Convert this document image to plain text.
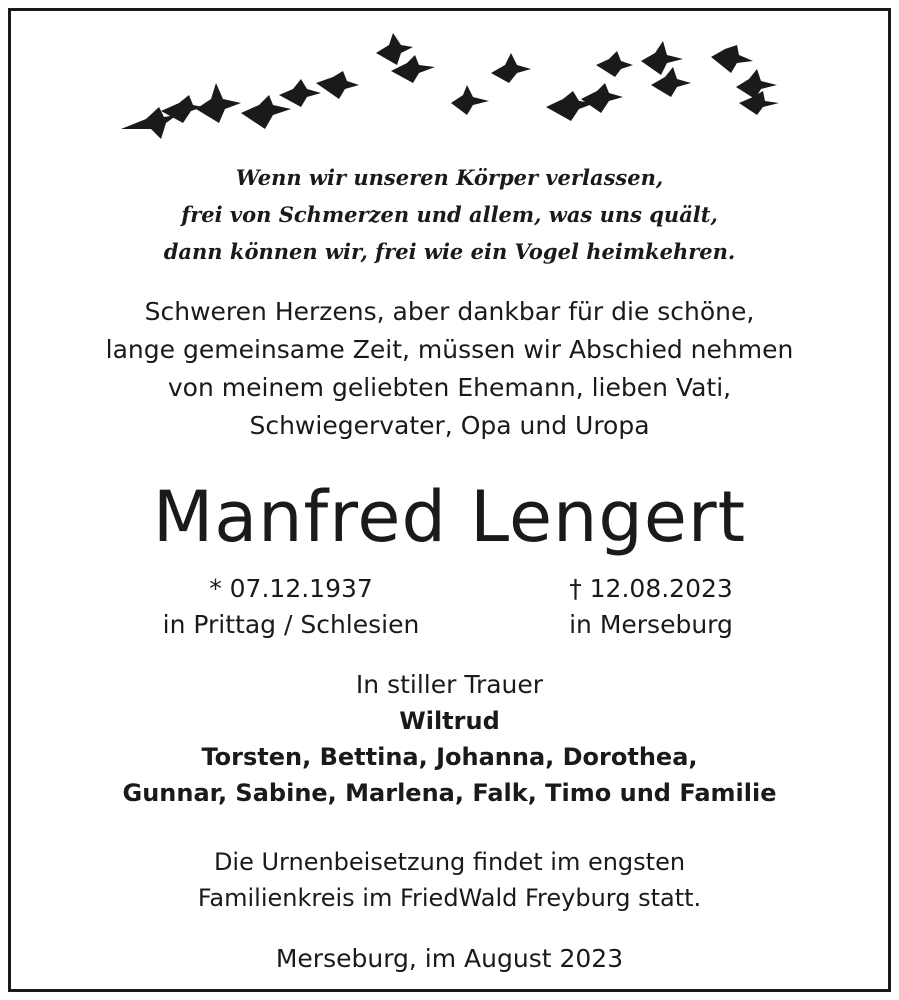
Wenn wir unseren Körper verlassen,
frei von Schmerzen und allem, was uns quält,
dann können wir, frei wie ein Vogel heimkehren.
Schweren Herzens, aber dankbar für die schöne,
lange gemeinsame Zeit, müssen wir Abschied nehmen
von meinem geliebten Ehemann, lieben Vati,
Schwiegervater, Opa und Uropa
Manfred Lengert
* 07.12.1937
in Prittag / Schlesien
† 12.08.2023
in Merseburg
In stiller Trauer
Wiltrud
Torsten, Bettina, Johanna, Dorothea,
Gunnar, Sabine, Marlena, Falk, Timo und Familie
Die Urnenbeisetzung findet im engsten
Familienkreis im FriedWald Freyburg statt.
Merseburg, im August 2023
